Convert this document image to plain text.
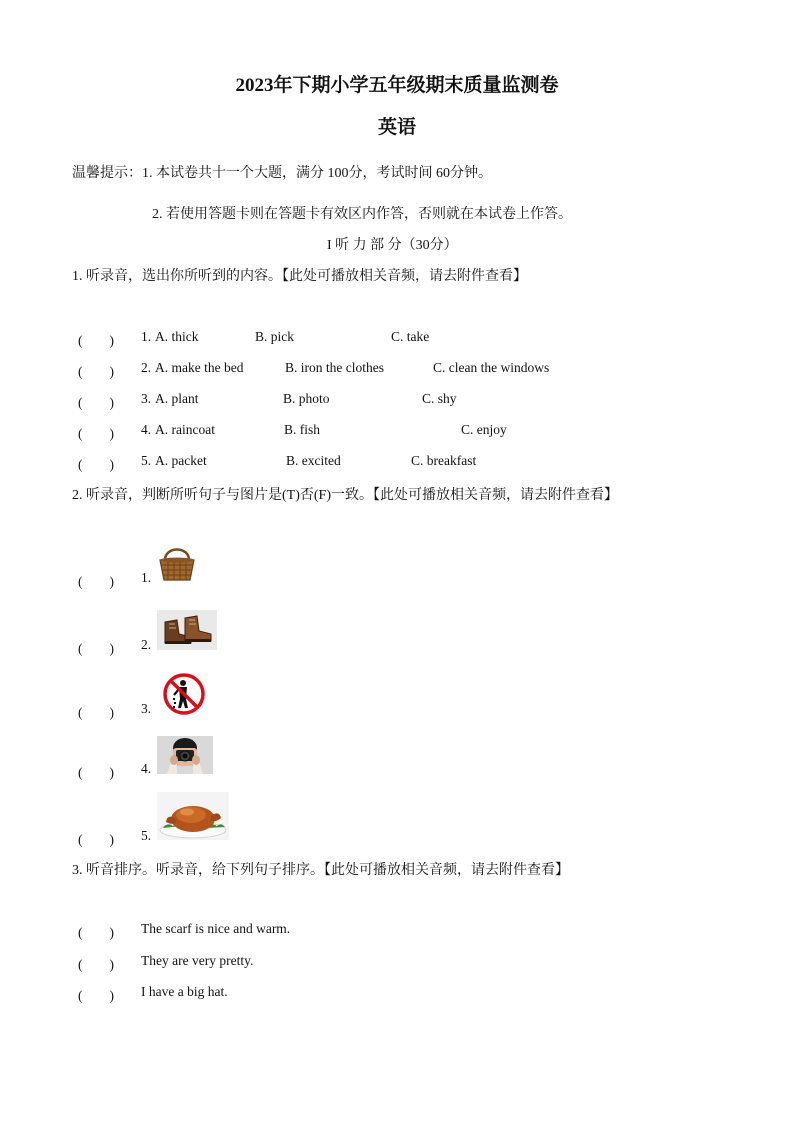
2023年下期小学五年级期末质量监测卷
英语
温馨提示：1. 本试卷共十一个大题，满分 100分，考试时间 60分钟。
2. 若使用答题卡则在答题卡有效区内作答，否则就在本试卷上作答。
I 听 力 部 分（30分）
1. 听录音，选出你所听到的内容。【此处可播放相关音频，请去附件查看】
(　　) 1. A. thick	B. pick	C. take
(　　) 2. A. make the bed	B. iron the clothes	C. clean the windows
(　　) 3. A. plant	B. photo	C. shy
(　　) 4. A. raincoat	B. fish	C. enjoy
(　　) 5. A. packet	B. excited	C. breakfast
2. 听录音，判断所听句子与图片是(T)否(F)一致。【此处可播放相关音频，请去附件查看】
(　　) 1.
(　　) 2.
(　　) 3.
(　　) 4.
(　　) 5.
3. 听音排序。听录音，给下列句子排序。【此处可播放相关音频，请去附件查看】
(　　) The scarf is nice and warm.
(　　) They are very pretty.
(　　) I have a big hat.
